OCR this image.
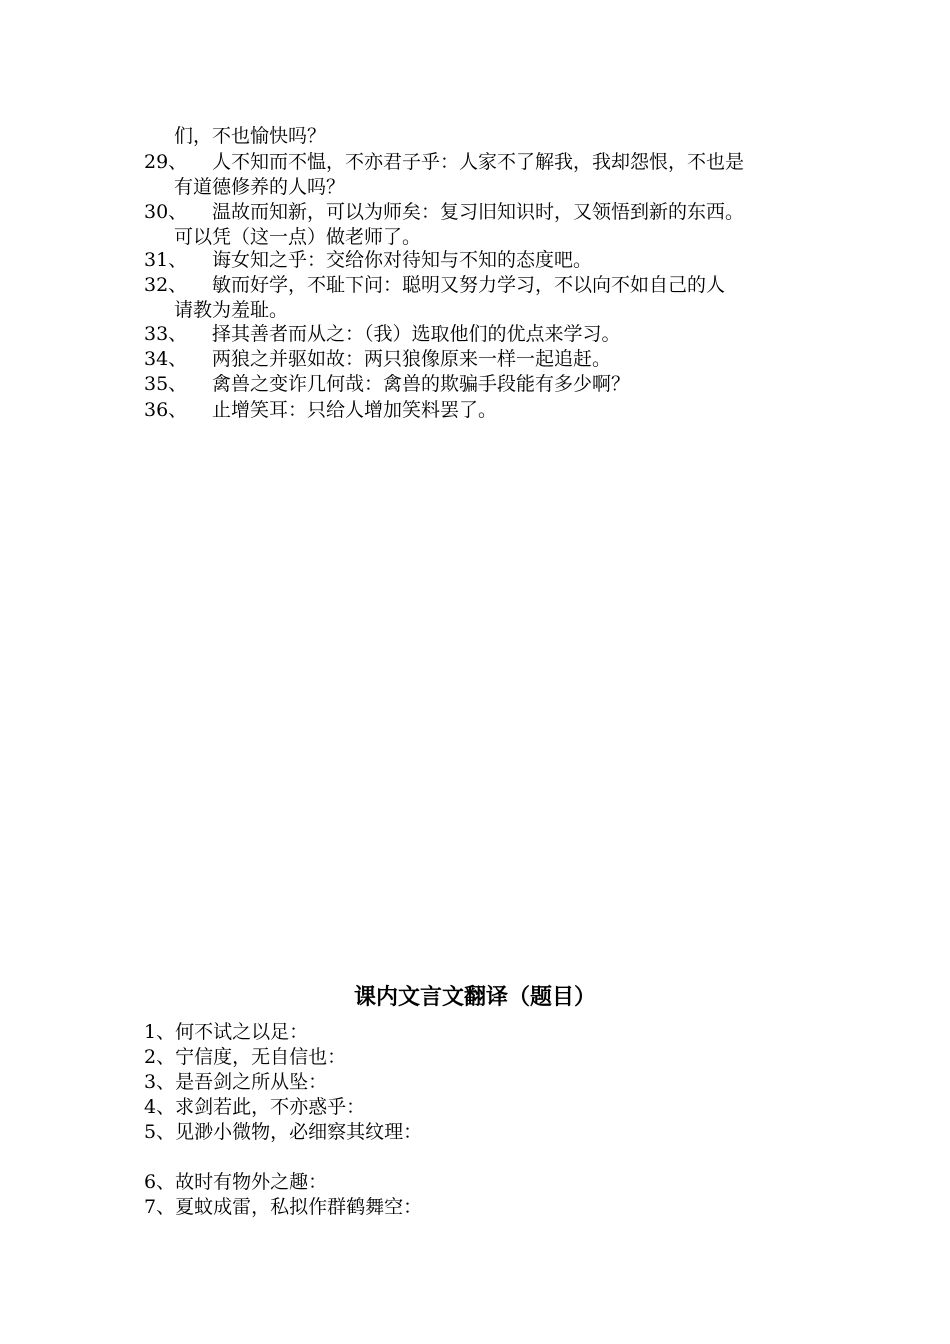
们，不也愉快吗？
29、 人不知而不愠，不亦君子乎：人家不了解我，我却怨恨，不也是
有道德修养的人吗？
30、 温故而知新，可以为师矣：复习旧知识时，又领悟到新的东西。
可以凭（这一点）做老师了。
31、 诲女知之乎：交给你对待知与不知的态度吧。
32、 敏而好学，不耻下问：聪明又努力学习，不以向不如自己的人
请教为羞耻。
33、 择其善者而从之：（我）选取他们的优点来学习。
34、 两狼之并驱如故：两只狼像原来一样一起追赶。
35、 禽兽之变诈几何哉：禽兽的欺骗手段能有多少啊？
36、 止增笑耳：只给人增加笑料罢了。
课内文言文翻译（题目）
1、何不试之以足：
2、宁信度，无自信也：
3、是吾剑之所从坠：
4、求剑若此，不亦惑乎：
5、见渺小微物，必细察其纹理：
6、故时有物外之趣：
7、夏蚊成雷，私拟作群鹤舞空：
